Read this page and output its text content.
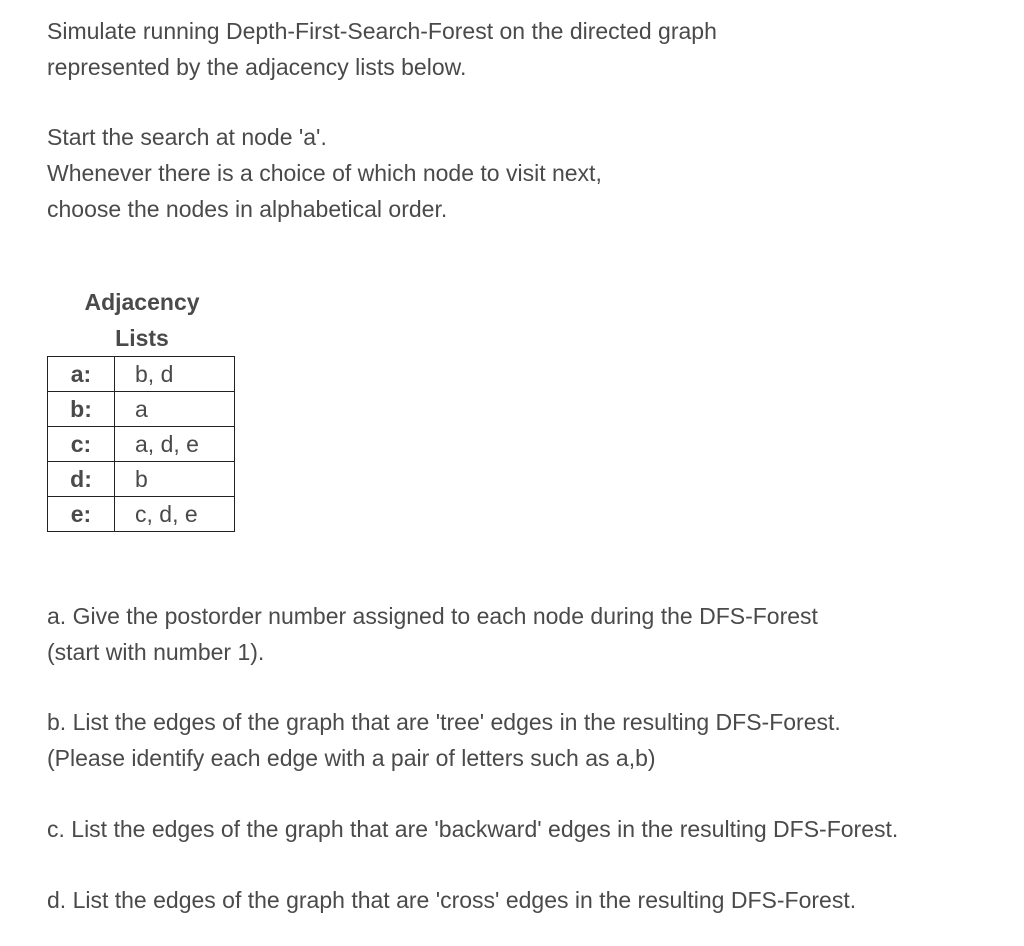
Simulate running Depth-First-Search-Forest on the directed graph
represented by the adjacency lists below.
Start the search at node 'a'.
Whenever there is a choice of which node to visit next,
choose the nodes in alphabetical order.
Adjacency
Lists
a:	b, d
b:	a
c:	a, d, e
d:	b
e:	c, d, e
a. Give the postorder number assigned to each node during the DFS-Forest
(start with number 1).
b. List the edges of the graph that are 'tree' edges in the resulting DFS-Forest.
(Please identify each edge with a pair of letters such as a,b)
c. List the edges of the graph that are 'backward' edges in the resulting DFS-Forest.
d. List the edges of the graph that are 'cross' edges in the resulting DFS-Forest.
